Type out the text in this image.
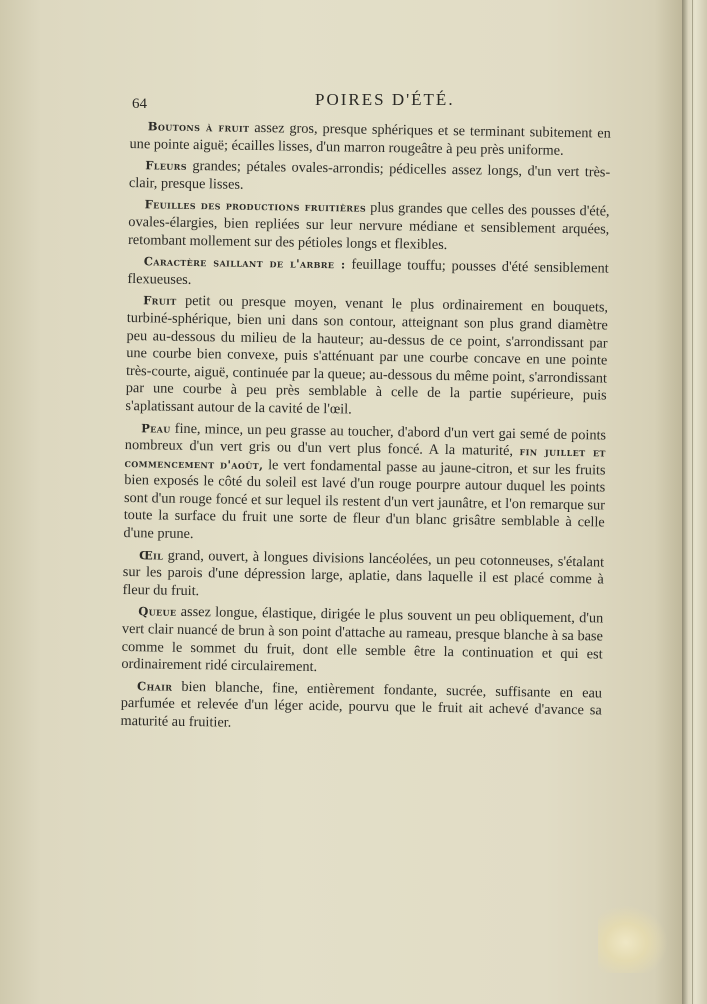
64	POIRES D'ÉTÉ.

Boutons à fruit assez gros, presque sphériques et se terminant subitement en une pointe aiguë; écailles lisses, d'un marron rougeâtre à peu près uniforme.

Fleurs grandes; pétales ovales-arrondis; pédicelles assez longs, d'un vert très-clair, presque lisses.

Feuilles des productions fruitières plus grandes que celles des pousses d'été, ovales-élargies, bien repliées sur leur nervure médiane et sensiblement arquées, retombant mollement sur des pétioles longs et flexibles.

Caractère saillant de l'arbre : feuillage touffu; pousses d'été sensiblement flexueuses.

Fruit petit ou presque moyen, venant le plus ordinairement en bouquets, turbiné-sphérique, bien uni dans son contour, atteignant son plus grand diamètre peu au-dessous du milieu de la hauteur; au-dessus de ce point, s'arrondissant par une courbe bien convexe, puis s'atténuant par une courbe concave en une pointe très-courte, aiguë, continuée par la queue; au-dessous du même point, s'arrondissant par une courbe à peu près semblable à celle de la partie supérieure, puis s'aplatissant autour de la cavité de l'œil.

Peau fine, mince, un peu grasse au toucher, d'abord d'un vert gai semé de points nombreux d'un vert gris ou d'un vert plus foncé. A la maturité, fin juillet et commencement d'août, le vert fondamental passe au jaune-citron, et sur les fruits bien exposés le côté du soleil est lavé d'un rouge pourpre autour duquel les points sont d'un rouge foncé et sur lequel ils restent d'un vert jaunâtre, et l'on remarque sur toute la surface du fruit une sorte de fleur d'un blanc grisâtre semblable à celle d'une prune.

Œil grand, ouvert, à longues divisions lancéolées, un peu cotonneuses, s'étalant sur les parois d'une dépression large, aplatie, dans laquelle il est placé comme à fleur du fruit.

Queue assez longue, élastique, dirigée le plus souvent un peu obliquement, d'un vert clair nuancé de brun à son point d'attache au rameau, presque blanche à sa base comme le sommet du fruit, dont elle semble être la continuation et qui est ordinairement ridé circulairement.

Chair bien blanche, fine, entièrement fondante, sucrée, suffisante en eau parfumée et relevée d'un léger acide, pourvu que le fruit ait achevé d'avance sa maturité au fruitier.
